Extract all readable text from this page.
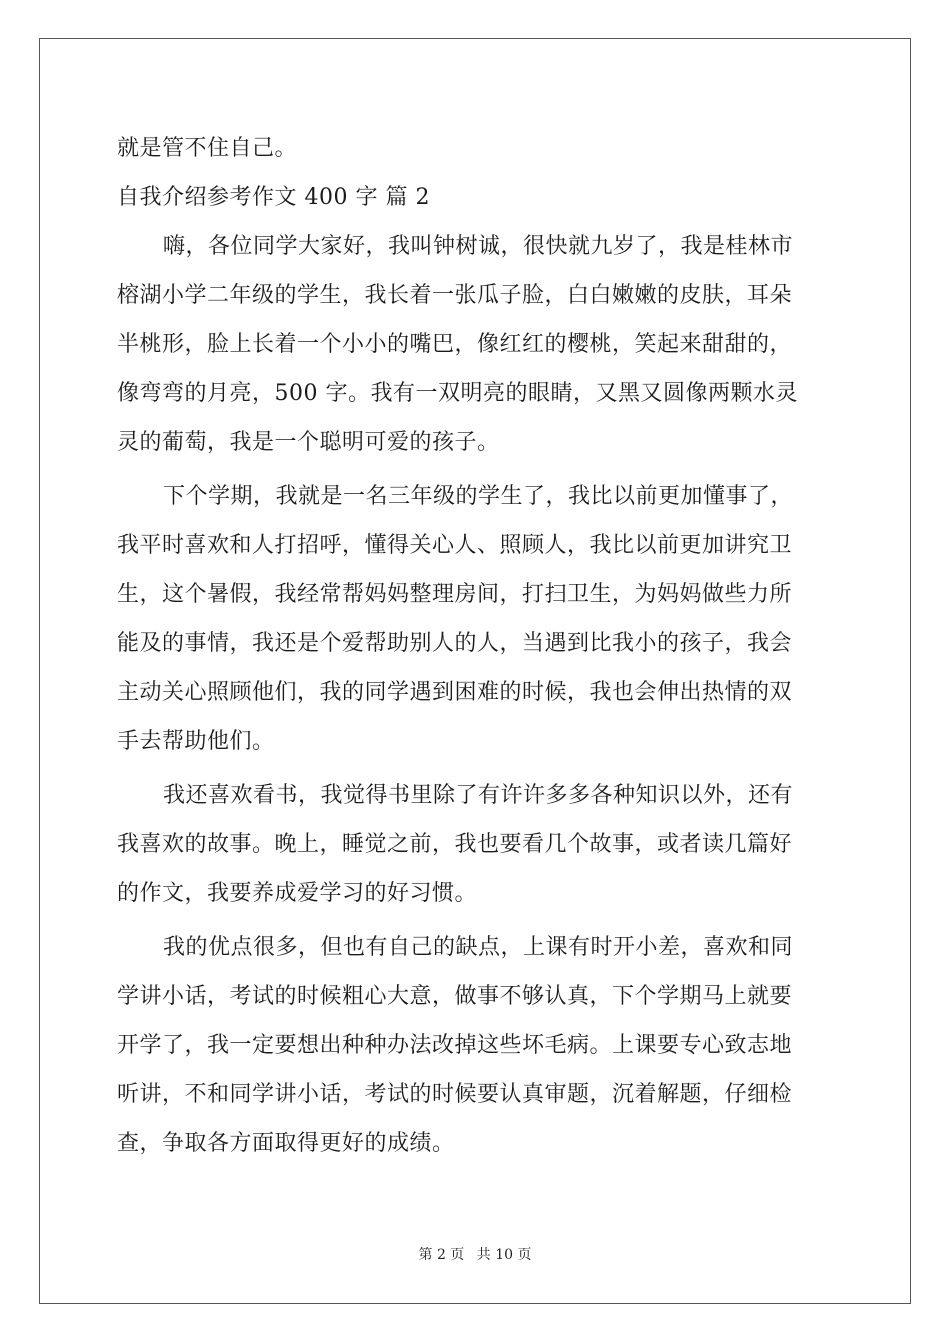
就是管不住自己。
自我介绍参考作文 400 字 篇 2
嗨，各位同学大家好，我叫钟树诚，很快就九岁了，我是桂林市
榕湖小学二年级的学生，我长着一张瓜子脸，白白嫩嫩的皮肤，耳朵
半桃形，脸上长着一个小小的嘴巴，像红红的樱桃，笑起来甜甜的，
像弯弯的月亮，500 字。我有一双明亮的眼睛，又黑又圆像两颗水灵
灵的葡萄，我是一个聪明可爱的孩子。
下个学期，我就是一名三年级的学生了，我比以前更加懂事了，
我平时喜欢和人打招呼，懂得关心人、照顾人，我比以前更加讲究卫
生，这个暑假，我经常帮妈妈整理房间，打扫卫生，为妈妈做些力所
能及的事情，我还是个爱帮助别人的人，当遇到比我小的孩子，我会
主动关心照顾他们，我的同学遇到困难的时候，我也会伸出热情的双
手去帮助他们。
我还喜欢看书，我觉得书里除了有许许多多各种知识以外，还有
我喜欢的故事。晚上，睡觉之前，我也要看几个故事，或者读几篇好
的作文，我要养成爱学习的好习惯。
我的优点很多，但也有自己的缺点，上课有时开小差，喜欢和同
学讲小话，考试的时候粗心大意，做事不够认真，下个学期马上就要
开学了，我一定要想出种种办法改掉这些坏毛病。上课要专心致志地
听讲，不和同学讲小话，考试的时候要认真审题，沉着解题，仔细检
查，争取各方面取得更好的成绩。
第 2 页 共 10 页
